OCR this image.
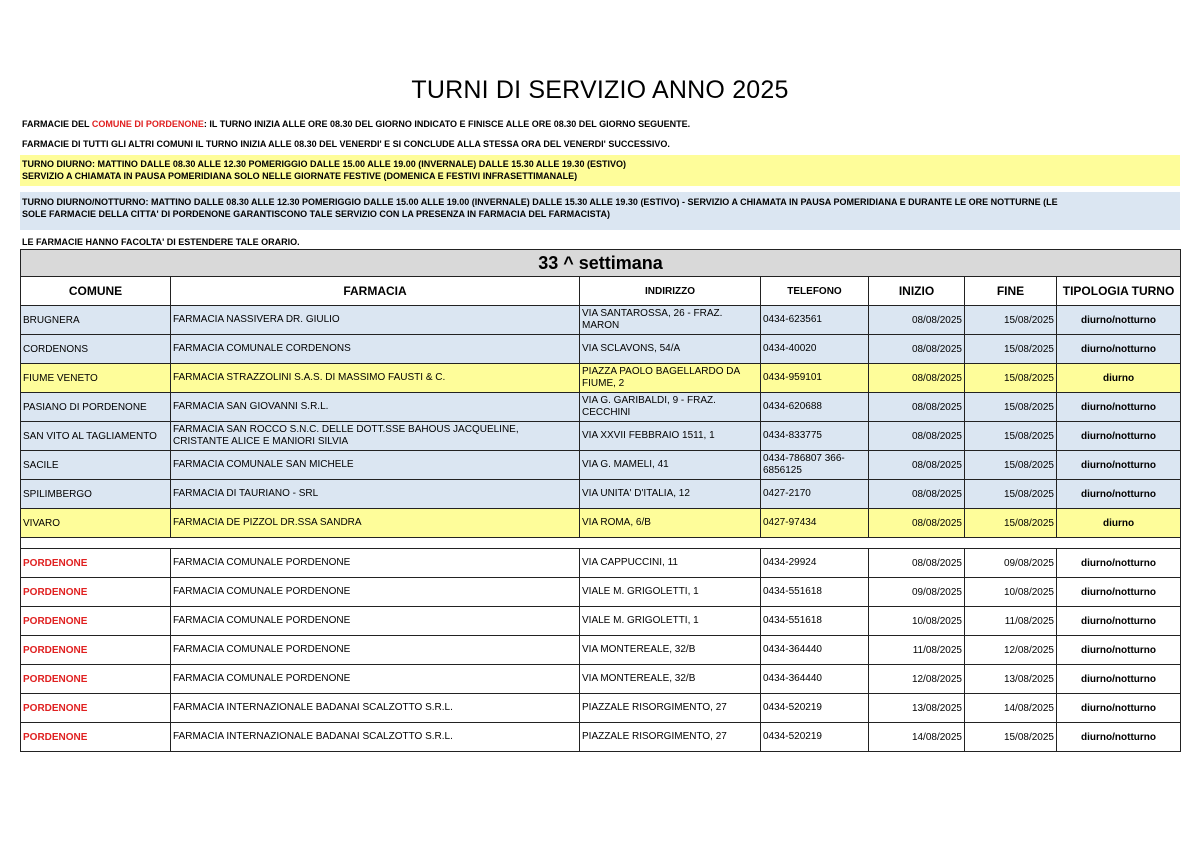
TURNI DI SERVIZIO ANNO 2025
FARMACIE DEL COMUNE DI PORDENONE: IL TURNO INIZIA ALLE ORE 08.30 DEL GIORNO INDICATO E FINISCE ALLE ORE 08.30 DEL GIORNO SEGUENTE.
FARMACIE DI TUTTI GLI ALTRI COMUNI IL TURNO INIZIA ALLE 08.30 DEL VENERDI' E SI CONCLUDE ALLA STESSA ORA DEL VENERDI' SUCCESSIVO.
TURNO DIURNO: MATTINO DALLE 08.30 ALLE 12.30 POMERIGGIO DALLE 15.00 ALLE 19.00 (INVERNALE) DALLE 15.30 ALLE 19.30 (ESTIVO)
SERVIZIO A CHIAMATA IN PAUSA POMERIDIANA SOLO NELLE GIORNATE FESTIVE (DOMENICA E FESTIVI INFRASETTIMANALE)
TURNO DIURNO/NOTTURNO: MATTINO DALLE 08.30 ALLE 12.30 POMERIGGIO DALLE 15.00 ALLE 19.00 (INVERNALE) DALLE 15.30 ALLE 19.30 (ESTIVO) - SERVIZIO A CHIAMATA IN PAUSA POMERIDIANA E DURANTE LE ORE NOTTURNE (LE
SOLE FARMACIE DELLA CITTA' DI PORDENONE GARANTISCONO TALE SERVIZIO CON LA PRESENZA IN FARMACIA DEL FARMACISTA)
LE FARMACIE HANNO FACOLTA' DI ESTENDERE TALE ORARIO.
33 ^ settimana						
COMUNE	FARMACIA	INDIRIZZO	TELEFONO	INIZIO	FINE	TIPOLOGIA TURNO
BRUGNERA	FARMACIA NASSIVERA DR. GIULIO	VIA SANTAROSSA, 26 - FRAZ. MARON	0434-623561	08/08/2025	15/08/2025	diurno/notturno
CORDENONS	FARMACIA COMUNALE CORDENONS	VIA SCLAVONS, 54/A	0434-40020	08/08/2025	15/08/2025	diurno/notturno
FIUME VENETO	FARMACIA STRAZZOLINI S.A.S. DI MASSIMO FAUSTI & C.	PIAZZA PAOLO BAGELLARDO DA FIUME, 2	0434-959101	08/08/2025	15/08/2025	diurno
PASIANO DI PORDENONE	FARMACIA SAN GIOVANNI S.R.L.	VIA G. GARIBALDI, 9 - FRAZ. CECCHINI	0434-620688	08/08/2025	15/08/2025	diurno/notturno
SAN VITO AL TAGLIAMENTO	FARMACIA SAN ROCCO S.N.C. DELLE DOTT.SSE BAHOUS JACQUELINE, CRISTANTE ALICE E MANIORI SILVIA	VIA XXVII FEBBRAIO 1511, 1	0434-833775	08/08/2025	15/08/2025	diurno/notturno
SACILE	FARMACIA COMUNALE SAN MICHELE	VIA G. MAMELI, 41	0434-786807 366-6856125	08/08/2025	15/08/2025	diurno/notturno
SPILIMBERGO	FARMACIA DI TAURIANO - SRL	VIA UNITA' D'ITALIA, 12	0427-2170	08/08/2025	15/08/2025	diurno/notturno
VIVARO	FARMACIA DE PIZZOL DR.SSA SANDRA	VIA ROMA, 6/B	0427-97434	08/08/2025	15/08/2025	diurno

PORDENONE	FARMACIA COMUNALE PORDENONE	VIA CAPPUCCINI, 11	0434-29924	08/08/2025	09/08/2025	diurno/notturno
PORDENONE	FARMACIA COMUNALE PORDENONE	VIALE M. GRIGOLETTI, 1	0434-551618	09/08/2025	10/08/2025	diurno/notturno
PORDENONE	FARMACIA COMUNALE PORDENONE	VIALE M. GRIGOLETTI, 1	0434-551618	10/08/2025	11/08/2025	diurno/notturno
PORDENONE	FARMACIA COMUNALE PORDENONE	VIA MONTEREALE, 32/B	0434-364440	11/08/2025	12/08/2025	diurno/notturno
PORDENONE	FARMACIA COMUNALE PORDENONE	VIA MONTEREALE, 32/B	0434-364440	12/08/2025	13/08/2025	diurno/notturno
PORDENONE	FARMACIA INTERNAZIONALE BADANAI SCALZOTTO S.R.L.	PIAZZALE RISORGIMENTO, 27	0434-520219	13/08/2025	14/08/2025	diurno/notturno
PORDENONE	FARMACIA INTERNAZIONALE BADANAI SCALZOTTO S.R.L.	PIAZZALE RISORGIMENTO, 27	0434-520219	14/08/2025	15/08/2025	diurno/notturno
